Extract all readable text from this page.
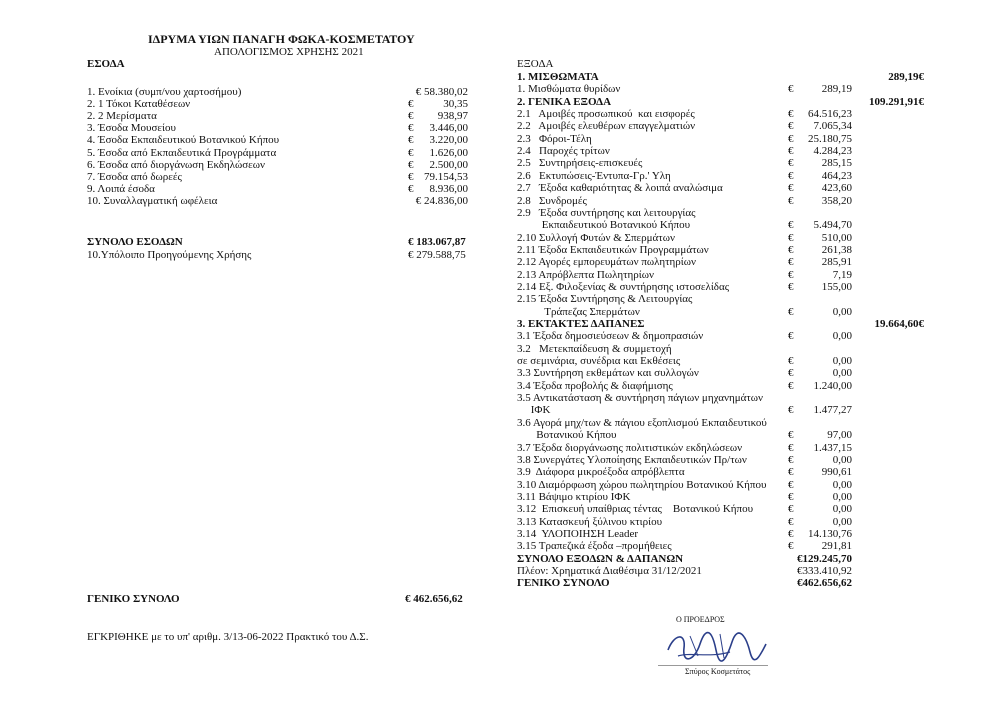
ΙΔΡΥΜΑ ΥΙΩΝ ΠΑΝΑΓΗ ΦΩΚΑ-ΚΟΣΜΕΤΑΤΟΥ
ΑΠΟΛΟΓΙΣΜΟΣ ΧΡΗΣΗΣ 2021
ΕΣΟΔΑ
1. Ενοίκια (συμπ/νου χαρτοσήμου)	€ 58.380,02
2. 1 Τόκοι Καταθέσεων	€	30,35
2. 2 Μερίσματα	€ 938,97
3. Έσοδα Μουσείου	€ 3.446,00
4. Έσοδα Εκπαιδευτικού Βοτανικού Κήπου	€ 3.220,00
5. Έσοδα από Εκπαιδευτικά Προγράμματα	€ 1.626,00
6. Έσοδα από διοργάνωση Εκδηλώσεων	€ 2.500,00
7. Έσοδα από δωρεές	€ 79.154,53
9. Λοιπά έσοδα	€ 8.936,00
10. Συναλλαγματική ωφέλεια	€ 24.836,00
ΣΥΝΟΛΟ ΕΣΟΔΩΝ	€ 183.067,87
10.Υπόλοιπο Προηγούμενης Χρήσης	€ 279.588,75
ΓΕΝΙΚΟ ΣΥΝΟΛΟ	€ 462.656,62
ΕΓΚΡΙΘΗΚΕ με το υπ' αριθμ. 3/13-06-2022 Πρακτικό του Δ.Σ.
ΕΞΟΔΑ
1. ΜΙΣΘΩΜΑΤΑ	289,19€
1. Μισθώματα θυρίδων	€	289,19
2. ΓΕΝΙΚΑ ΕΞΟΔΑ	109.291,91€
2.1   Αμοιβές προσωπικού  και εισφορές	€ 64.516,23
2.2   Αμοιβές ελευθέρων επαγγελματιών	€ 7.065,34
2.3   Φόροι-Τέλη	€ 25.180,75
2.4   Παροχές τρίτων	€ 4.284,23
2.5   Συντηρήσεις-επισκευές	€	285,15
2.6   Εκτυπώσεις-Έντυπα-Γρ.' Υλη	€	464,23
2.7   Έξοδα καθαριότητας & λοιπά αναλώσιμα	€	423,60
2.8   Συνδρομές	€	358,20
2.9   Έξοδα συντήρησης και λειτουργίας
Εκπαιδευτικού Βοτανικού Κήπου	€ 5.494,70
2.10 Συλλογή Φυτών & Σπερμάτων	€	510,00
2.11 Έξοδα Εκπαιδευτικών Προγραμμάτων	€	261,38
2.12 Αγορές εμπορευμάτων πωλητηρίων	€	285,91
2.13 Απρόβλεπτα Πωλητηρίων	€	7,19
2.14 Εξ. Φιλοξενίας & συντήρησης ιστοσελίδας	€	155,00
2.15 Έξοδα Συντήρησης & Λειτουργίας
Τράπεζας Σπερμάτων	€	0,00
3. ΕΚΤΑΚΤΕΣ ΔΑΠΑΝΕΣ	19.664,60€
3.1 Έξοδα δημοσιεύσεων & δημοπρασιών	€	0,00
3.2   Μετεκπαίδευση & συμμετοχή
σε σεμινάρια, συνέδρια και Εκθέσεις	€	0,00
3.3 Συντήρηση εκθεμάτων και συλλογών	€	0,00
3.4 Έξοδα προβολής & διαφήμισης	€ 1.240,00
3.5 Αντικατάσταση & συντήρηση πάγιων μηχανημάτων
ΙΦΚ	€ 1.477,27
3.6 Αγορά μηχ/των & πάγιου εξοπλισμού Εκπαιδευτικού
Βοτανικού Κήπου	€	97,00
3.7 Έξοδα διοργάνωσης πολιτιστικών εκδηλώσεων	€ 1.437,15
3.8 Συνεργάτες Υλοποίησης Εκπαιδευτικών Πρ/των	€	0,00
3.9  Διάφορα μικροέξοδα απρόβλεπτα	€	990,61
3.10 Διαμόρφωση χώρου πωλητηρίου Βοτανικού Κήπου €	0,00
3.11 Βάψιμο κτιρίου ΙΦΚ	€	0,00
3.12  Επισκευή υπαίθριας τέντας    Βοτανικού Κήπου	€	0,00
3.13 Κατασκευή ξύλινου κτιρίου	€	0,00
3.14  ΥΛΟΠΟΙΗΣΗ Leader	€ 14.130,76
3.15 Τραπεζικά έξοδα –προμήθειες	€	291,81
ΣΥΝΟΛΟ ΕΞΟΔΩΝ & ΔΑΠΑΝΩΝ	€129.245,70
Πλέον: Χρηματικά Διαθέσιμα 31/12/2021	€333.410,92
ΓΕΝΙΚΟ ΣΥΝΟΛΟ	€462.656,62
Ο ΠΡΟΕΔΡΟΣ
Σπύρος Κοσμετάτος
